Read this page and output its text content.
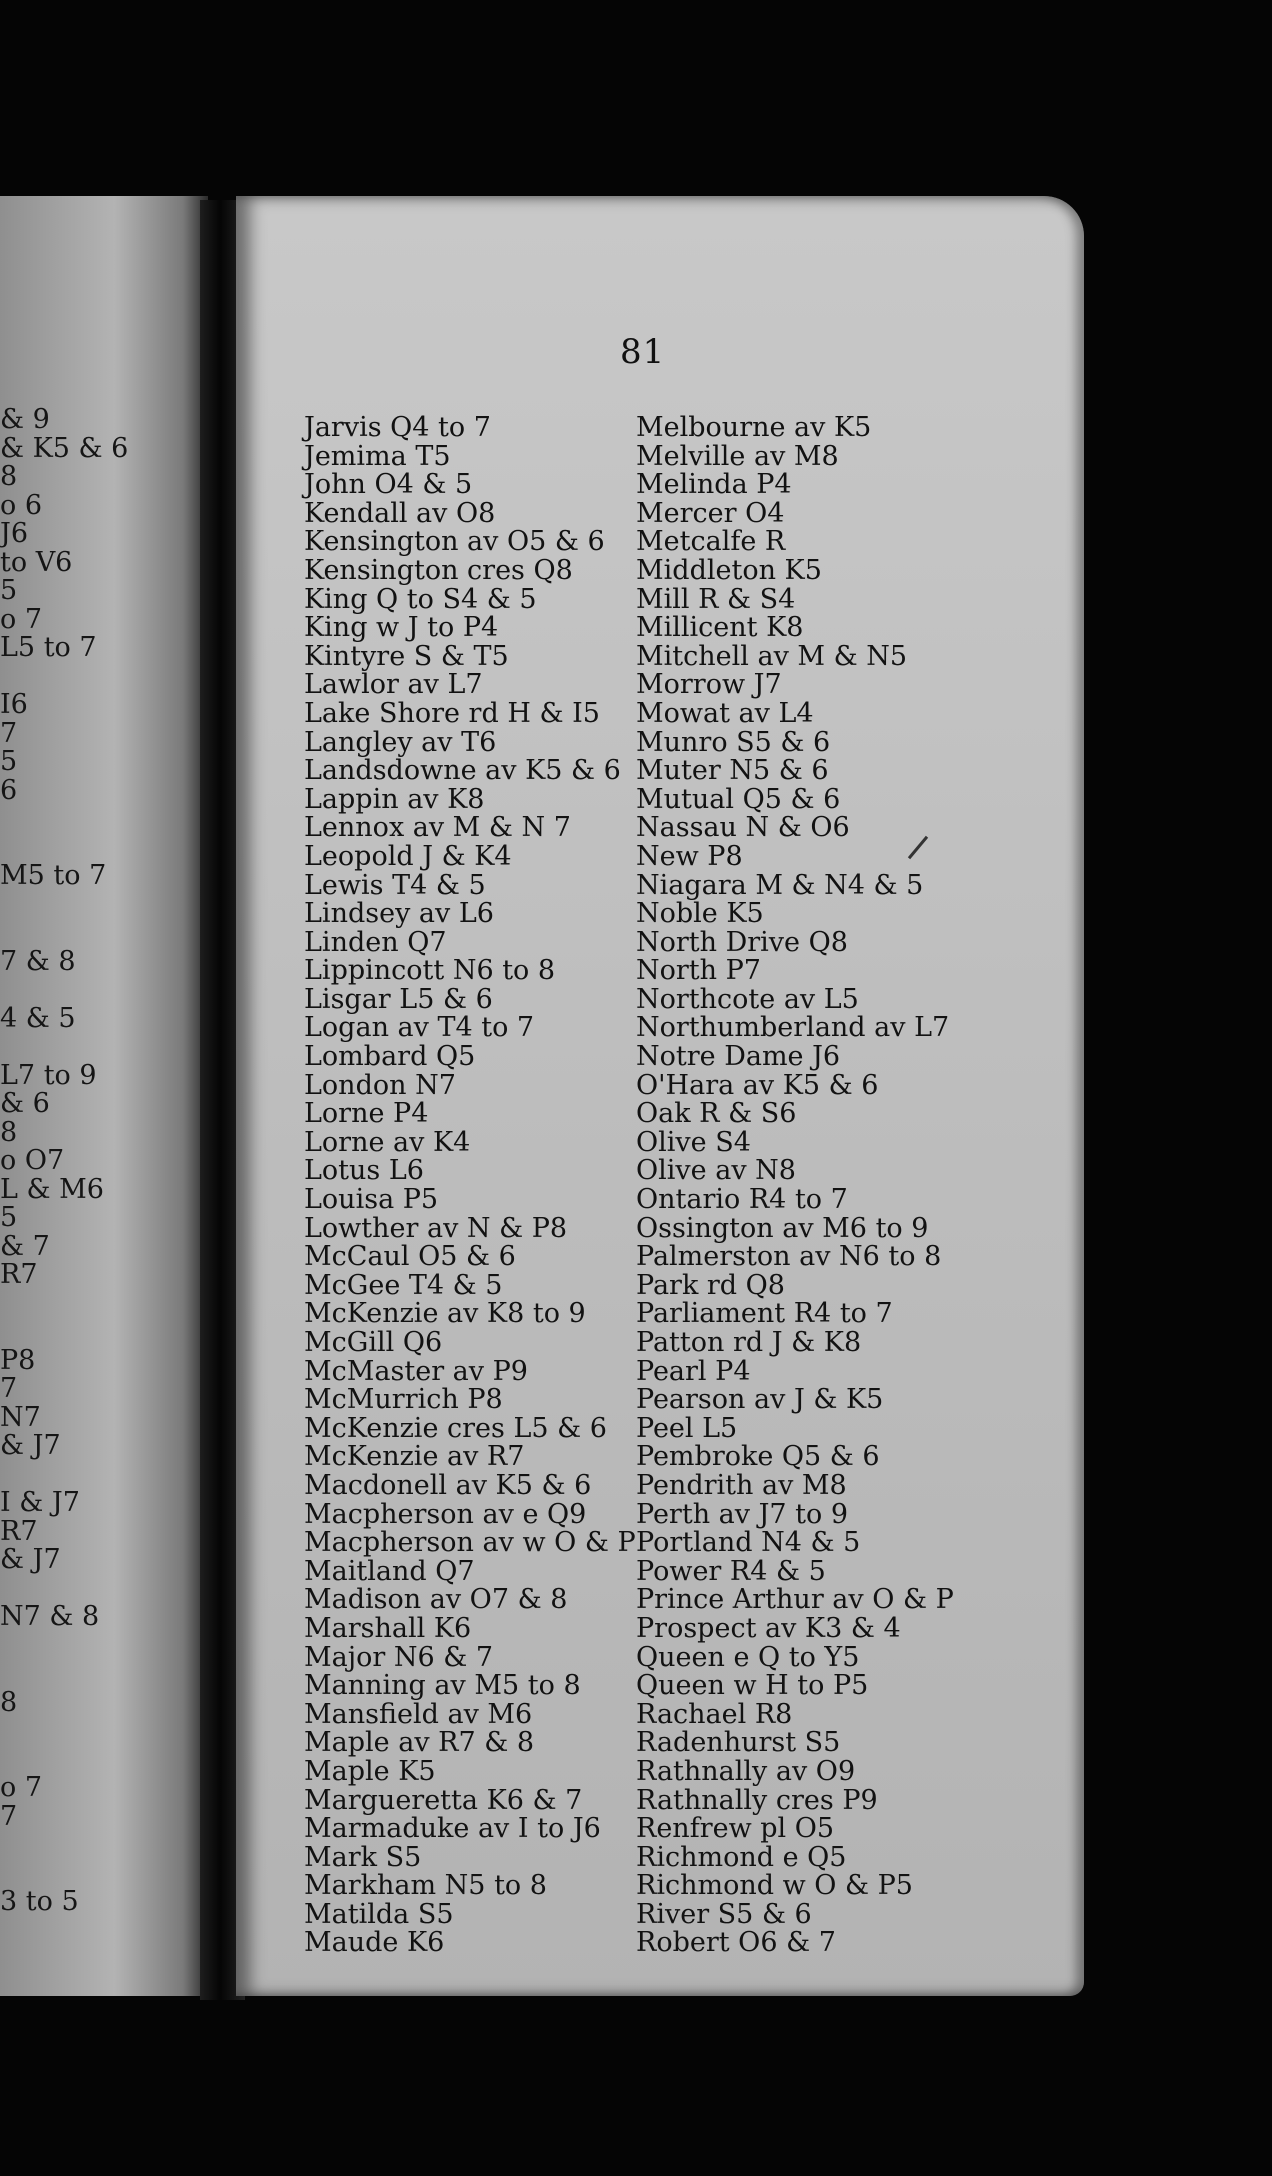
& 9
& K5 & 6
8
o 6
J6
to V6
5
o 7
L5 to 7
I6
7
5
6
M5 to 7
7 & 8
4 & 5
L7 to 9
& 6
8
o O7
L & M6
5
& 7
R7
P8
7
N7
& J7
I & J7
R7
& J7
N7 & 8
8
o 7
7
3 to 5
81
Jarvis Q4 to 7
Jemima T5
John O4 & 5
Kendall av O8
Kensington av O5 & 6
Kensington cres Q8
King Q to S4 & 5
King w J to P4
Kintyre S & T5
Lawlor av L7
Lake Shore rd H & I5
Langley av T6
Landsdowne av K5 & 6
Lappin av K8
Lennox av M & N 7
Leopold J & K4
Lewis T4 & 5
Lindsey av L6
Linden Q7
Lippincott N6 to 8
Lisgar L5 & 6
Logan av T4 to 7
Lombard Q5
London N7
Lorne P4
Lorne av K4
Lotus L6
Louisa P5
Lowther av N & P8
McCaul O5 & 6
McGee T4 & 5
McKenzie av K8 to 9
McGill Q6
McMaster av P9
McMurrich P8
McKenzie cres L5 & 6
McKenzie av R7
Macdonell av K5 & 6
Macpherson av e Q9
Macpherson av w O & P
Maitland Q7
Madison av O7 & 8
Marshall K6
Major N6 & 7
Manning av M5 to 8
Mansfield av M6
Maple av R7 & 8
Maple K5
Margueretta K6 & 7
Marmaduke av I to J6
Mark S5
Markham N5 to 8
Matilda S5
Maude K6
Melbourne av K5
Melville av M8
Melinda P4
Mercer O4
Metcalfe R
Middleton K5
Mill R & S4
Millicent K8
Mitchell av M & N5
Morrow J7
Mowat av L4
Munro S5 & 6
Muter N5 & 6
Mutual Q5 & 6
Nassau N & O6
New P8
Niagara M & N4 & 5
Noble K5
North Drive Q8
North P7
Northcote av L5
Northumberland av L7
Notre Dame J6
O'Hara av K5 & 6
Oak R & S6
Olive S4
Olive av N8
Ontario R4 to 7
Ossington av M6 to 9
Palmerston av N6 to 8
Park rd Q8
Parliament R4 to 7
Patton rd J & K8
Pearl P4
Pearson av J & K5
Peel L5
Pembroke Q5 & 6
Pendrith av M8
Perth av J7 to 9
Portland N4 & 5
Power R4 & 5
Prince Arthur av O & P
Prospect av K3 & 4
Queen e Q to Y5
Queen w H to P5
Rachael R8
Radenhurst S5
Rathnally av O9
Rathnally cres P9
Renfrew pl O5
Richmond e Q5
Richmond w O & P5
River S5 & 6
Robert O6 & 7
